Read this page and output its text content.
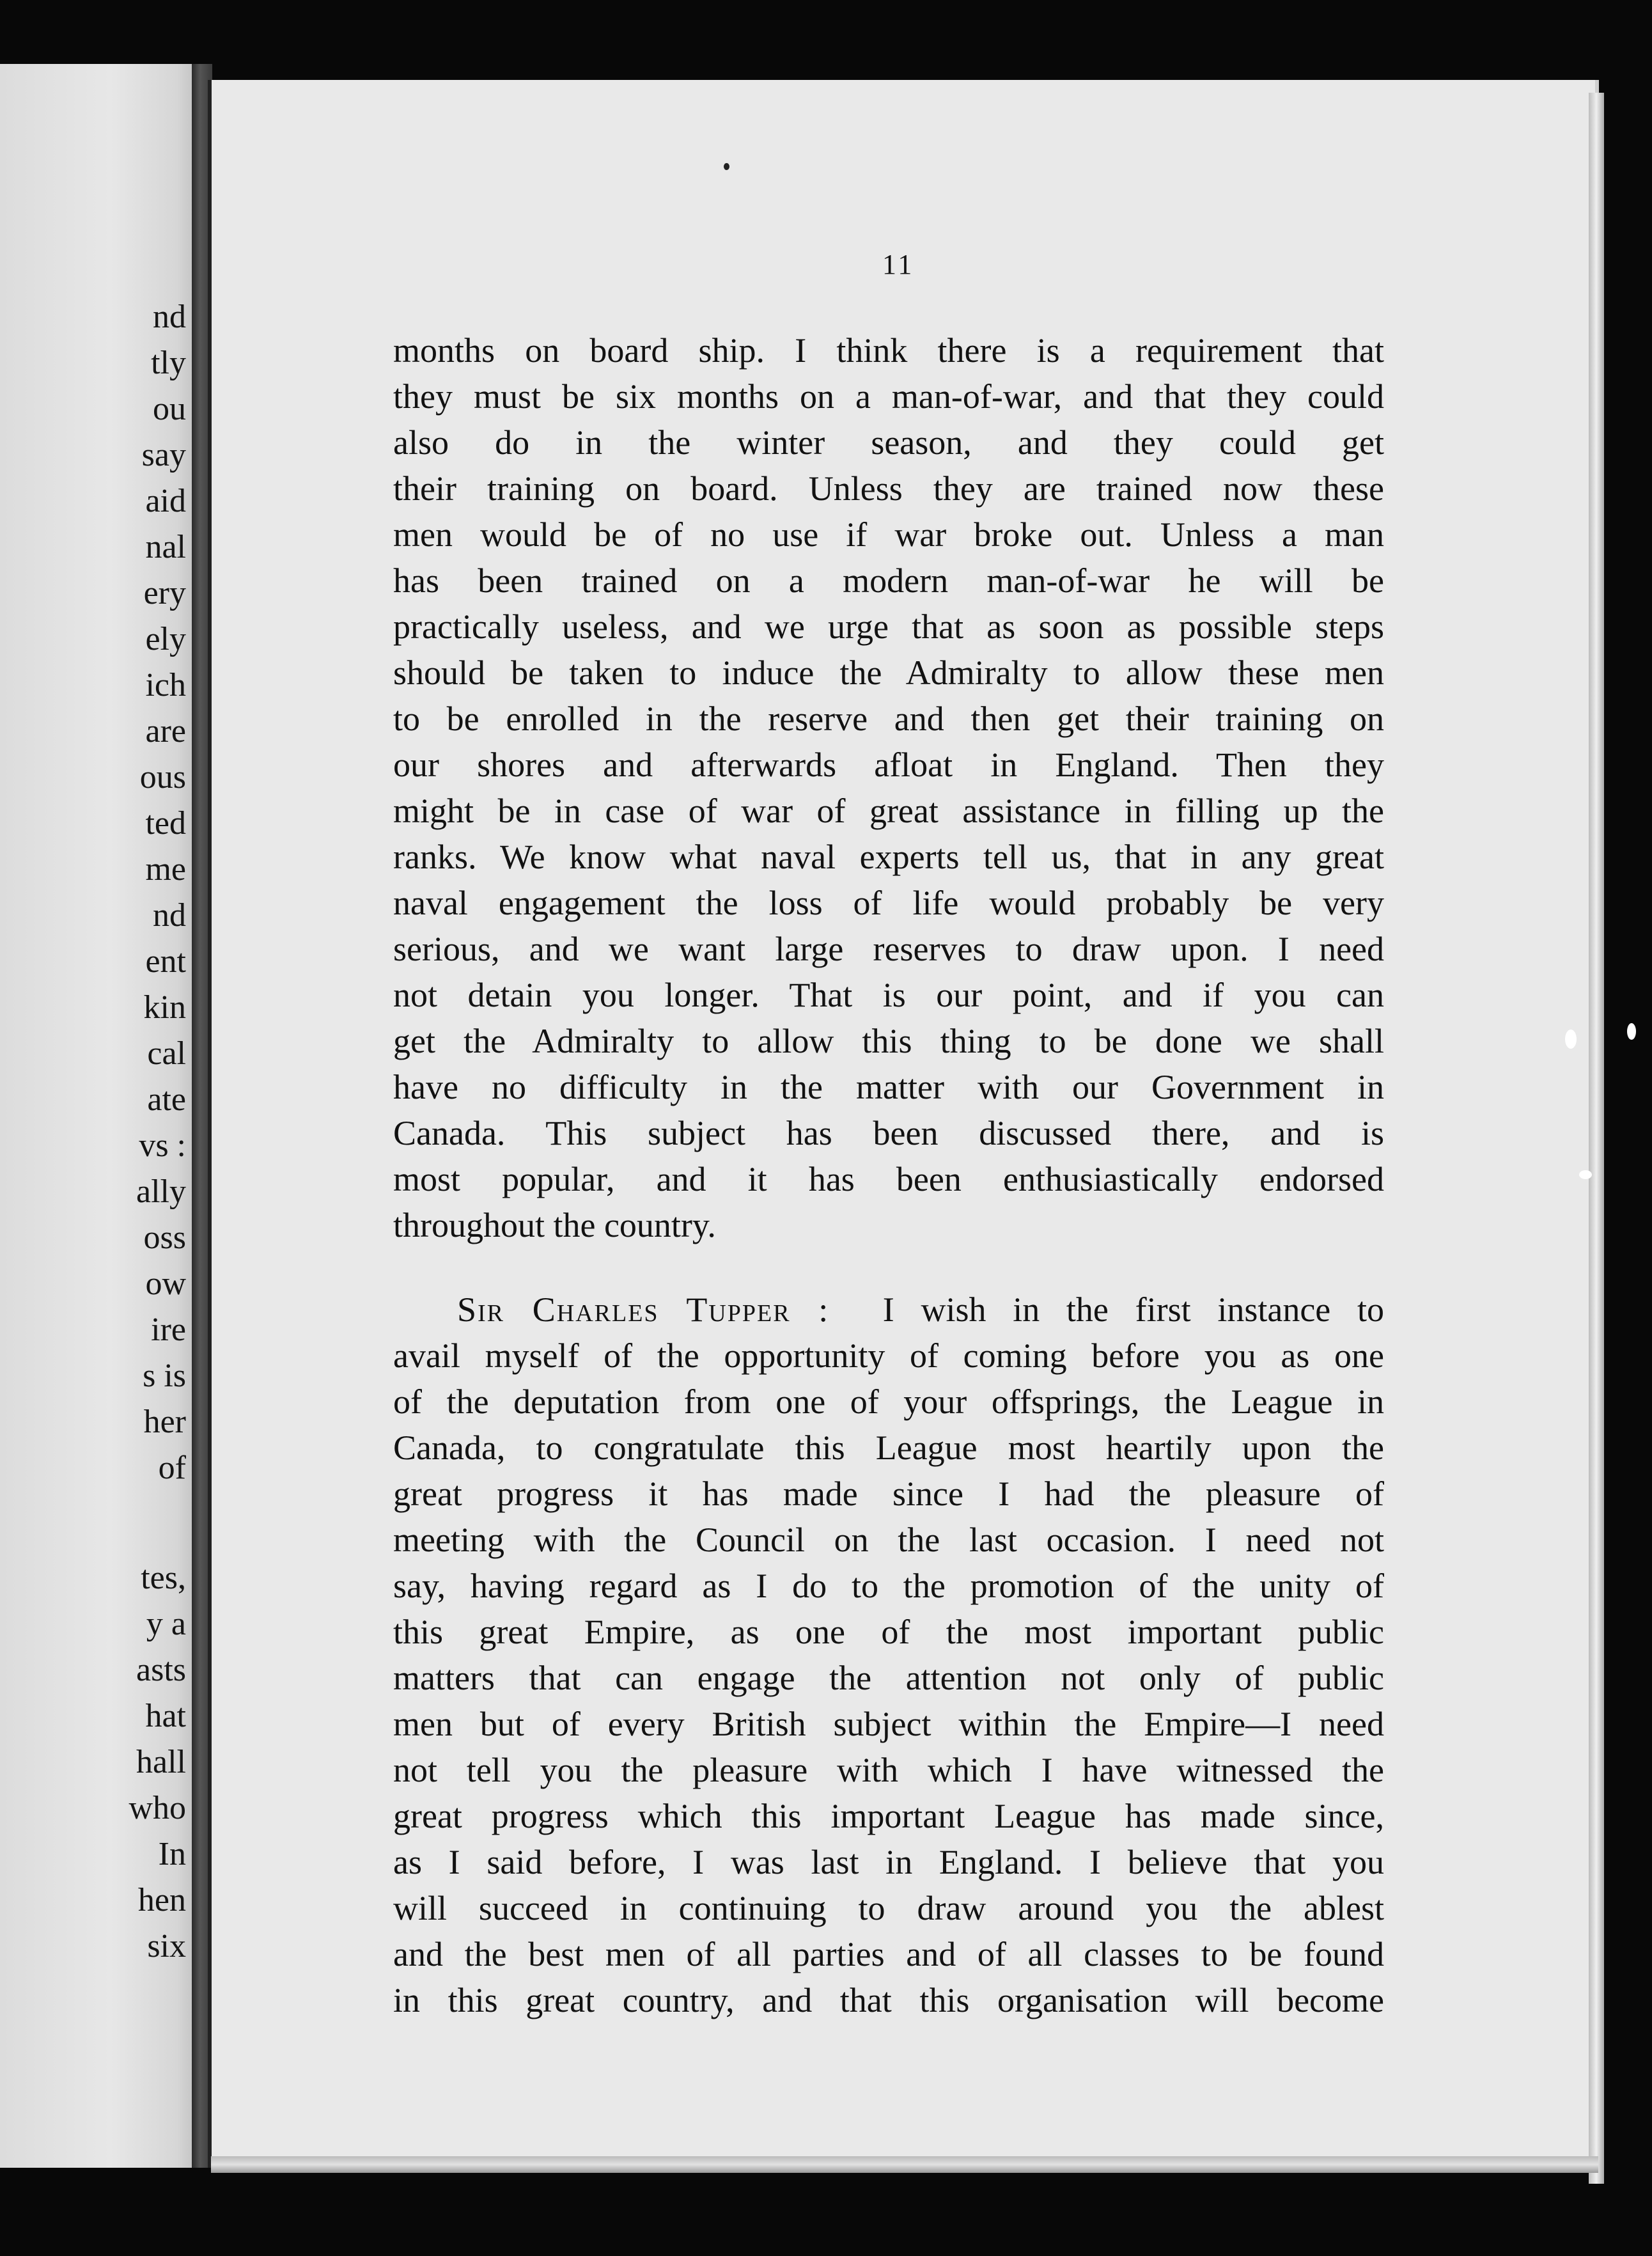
nd
tly
ou
say
aid
nal
ery
ely
ich
are
ous
ted
me
nd
ent
kin
cal
ate
vs :
ally
oss
ow
ire
s is
her
of
tes,
y a
asts
hat
hall
who
In
hen
six
11
months on board ship. I think there is a requirement that
they must be six months on a man-of-war, and that they could
also do in the winter season, and they could get
their training on board. Unless they are trained now these
men would be of no use if war broke out. Unless a man
has been trained on a modern man-of-war he will be
practically useless, and we urge that as soon as possible steps
should be taken to induce the Admiralty to allow these men
to be enrolled in the reserve and then get their training on
our shores and afterwards afloat in England. Then they
might be in case of war of great assistance in filling up the
ranks. We know what naval experts tell us, that in any great
naval engagement the loss of life would probably be very
serious, and we want large reserves to draw upon. I need
not detain you longer. That is our point, and if you can
get the Admiralty to allow this thing to be done we shall
have no difficulty in the matter with our Government in
Canada. This subject has been discussed there, and is
most popular, and it has been enthusiastically endorsed
throughout the country.
Sir Charles Tupper : I wish in the first instance to
avail myself of the opportunity of coming before you as one
of the deputation from one of your offsprings, the League in
Canada, to congratulate this League most heartily upon the
great progress it has made since I had the pleasure of
meeting with the Council on the last occasion. I need not
say, having regard as I do to the promotion of the unity of
this great Empire, as one of the most important public
matters that can engage the attention not only of public
men but of every British subject within the Empire—I need
not tell you the pleasure with which I have witnessed the
great progress which this important League has made since,
as I said before, I was last in England. I believe that you
will succeed in continuing to draw around you the ablest
and the best men of all parties and of all classes to be found
in this great country, and that this organisation will become
